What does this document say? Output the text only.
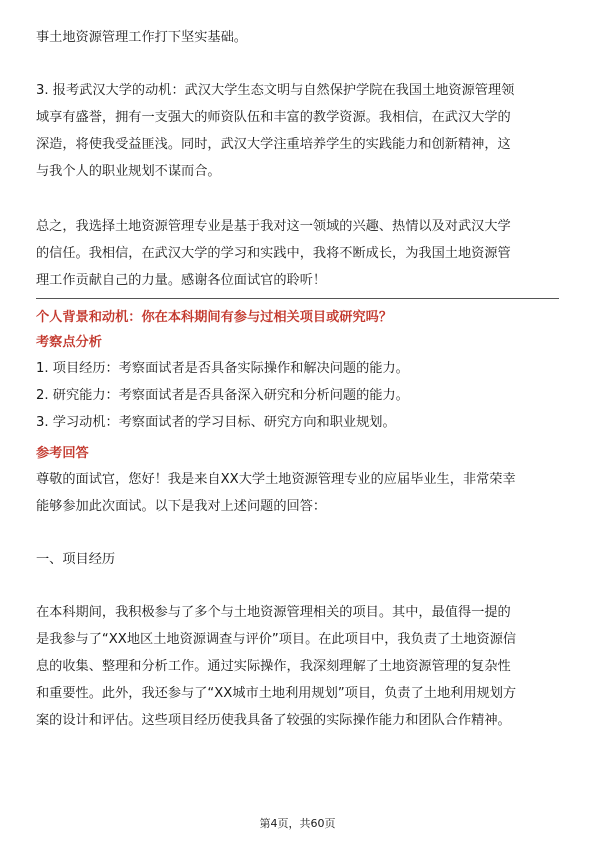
事土地资源管理工作打下坚实基础。

3. 报考武汉大学的动机：武汉大学生态文明与自然保护学院在我国土地资源管理领

域享有盛誉，拥有一支强大的师资队伍和丰富的教学资源。我相信，在武汉大学的

深造，将使我受益匪浅。同时，武汉大学注重培养学生的实践能力和创新精神，这

与我个人的职业规划不谋而合。

总之，我选择土地资源管理专业是基于我对这一领域的兴趣、热情以及对武汉大学

的信任。我相信，在武汉大学的学习和实践中，我将不断成长，为我国土地资源管

理工作贡献自己的力量。感谢各位面试官的聆听！

个人背景和动机：你在本科期间有参与过相关项目或研究吗？
考察点分析

1. 项目经历：考察面试者是否具备实际操作和解决问题的能力。

2. 研究能力：考察面试者是否具备深入研究和分析问题的能力。

3. 学习动机：考察面试者的学习目标、研究方向和职业规划。

参考回答

尊敬的面试官，您好！我是来自XX大学土地资源管理专业的应届毕业生，非常荣幸

能够参加此次面试。以下是我对上述问题的回答：

一、项目经历

在本科期间，我积极参与了多个与土地资源管理相关的项目。其中，最值得一提的

是我参与了“XX地区土地资源调查与评价”项目。在此项目中，我负责了土地资源信

息的收集、整理和分析工作。通过实际操作，我深刻理解了土地资源管理的复杂性

和重要性。此外，我还参与了“XX城市土地利用规划”项目，负责了土地利用规划方

案的设计和评估。这些项目经历使我具备了较强的实际操作能力和团队合作精神。

第4页，共60页
